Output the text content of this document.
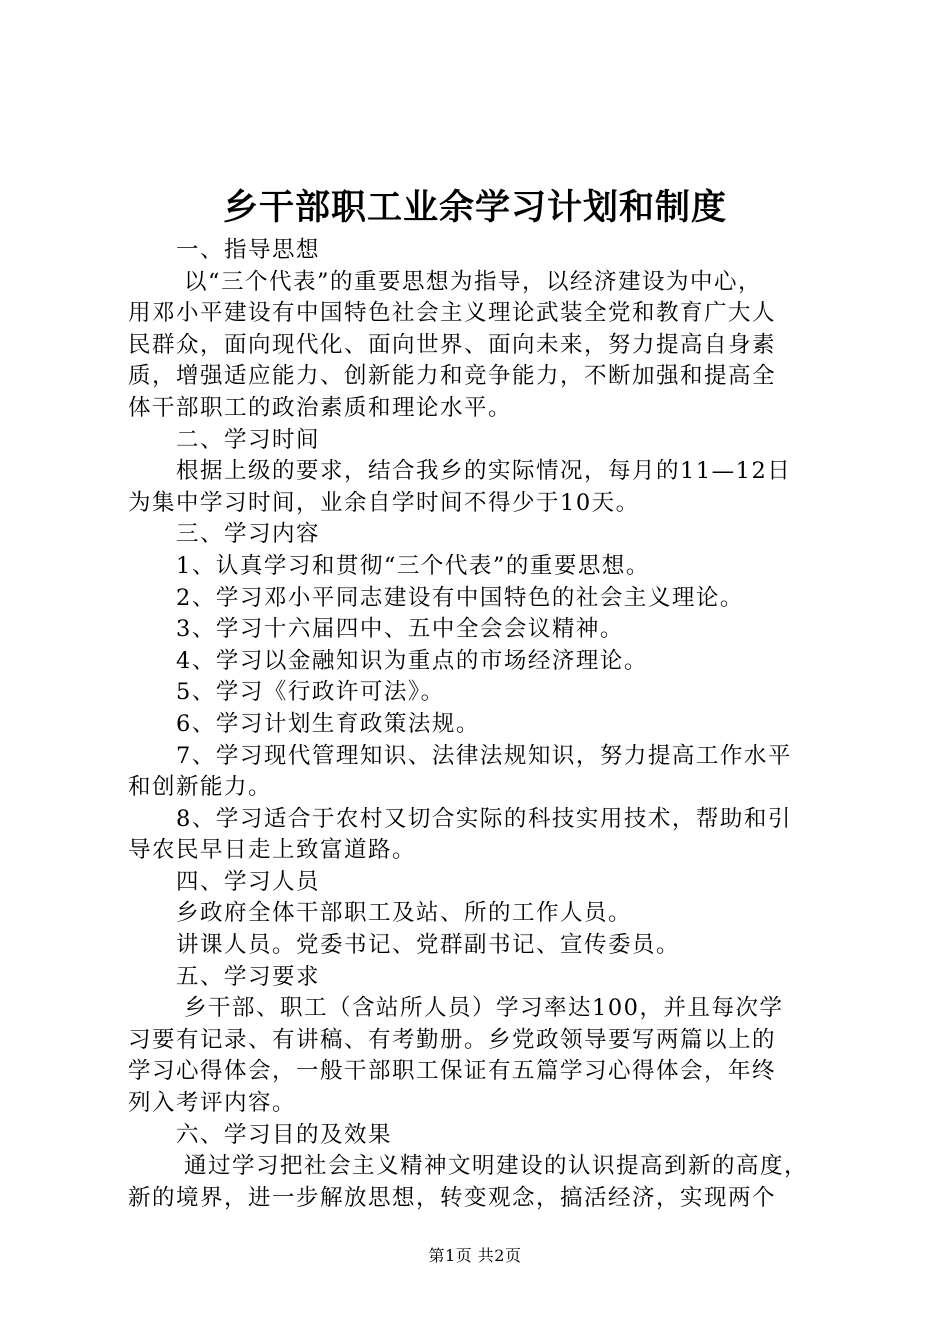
乡干部职工业余学习计划和制度
一、指导思想
以“三个代表”的重要思想为指导，以经济建设为中心，
用邓小平建设有中国特色社会主义理论武装全党和教育广大人
民群众，面向现代化、面向世界、面向未来，努力提高自身素
质，增强适应能力、创新能力和竞争能力，不断加强和提高全
体干部职工的政治素质和理论水平。
二、学习时间
根据上级的要求，结合我乡的实际情况，每月的11—12日
为集中学习时间，业余自学时间不得少于10天。
三、学习内容
1、认真学习和贯彻“三个代表”的重要思想。
2、学习邓小平同志建设有中国特色的社会主义理论。
3、学习十六届四中、五中全会会议精神。
4、学习以金融知识为重点的市场经济理论。
5、学习《行政许可法》。
6、学习计划生育政策法规。
7、学习现代管理知识、法律法规知识，努力提高工作水平
和创新能力。
8、学习适合于农村又切合实际的科技实用技术，帮助和引
导农民早日走上致富道路。
四、学习人员
乡政府全体干部职工及站、所的工作人员。
讲课人员。党委书记、党群副书记、宣传委员。
五、学习要求
乡干部、职工（含站所人员）学习率达100，并且每次学
习要有记录、有讲稿、有考勤册。乡党政领导要写两篇以上的
学习心得体会，一般干部职工保证有五篇学习心得体会，年终
列入考评内容。
六、学习目的及效果
通过学习把社会主义精神文明建设的认识提高到新的高度，
新的境界，进一步解放思想，转变观念，搞活经济，实现两个
第1页 共2页
